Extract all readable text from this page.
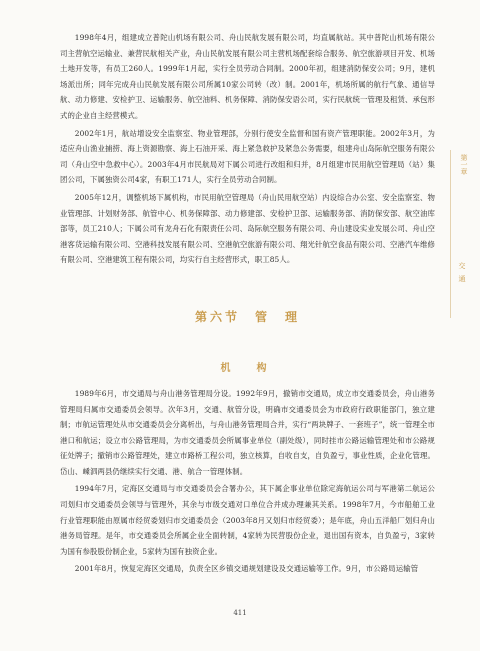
1998年4月，组建成立普陀山机场有限公司、舟山民航发展有限公司，均直属航站。其中普陀山机场有限公司主营航空运输业、兼营民航相关产业，舟山民航发展有限公司主营机场配套综合服务、航空旅游项目开发、机场土地开发等，有员工260人。1999年1月起，实行全员劳动合同制。2000年初，组建消防保安公司；9月，建机场派出所；同年完成舟山民航发展有限公司所属10家公司转（改）制。2001年，机场所属的航行气象、通信导航、动力修建、安检护卫、运输服务、航空油料、机务保障、消防保安语公司，实行民航统一管理及租赁、承包形式的企业自主经营模式。

2002年1月，航站增设安全监察室、物业管理部，分别行使安全监督和国有资产管理职能。2002年3月，为适应舟山渔业捕捞、海上资源勘察、海上石油开采、海上紧急救护及紧急公务需要，组建舟山岛际航空服务有限公司（舟山空中急救中心）。2003年4月市民航局对下属公司进行改组和归并，8月组建市民用航空管理局（站）集团公司，下属独资公司4家，有职工171人，实行全员劳动合同制。

2005年12月，调整机场下属机构，市民用航空管理局（舟山民用航空站）内设综合办公室、安全监察室、物业管理部、计划财务部、航管中心、机务保障部、动力修建部、安检护卫部、运输服务部、消防保安部、航空油库部等，员工210人；下属公司有龙舟石化有限责任公司、岛际航空服务有限公司、舟山建设实业发展公司、舟山空港客货运输有限公司、空港科技发展有限公司、空港航空旅游有限公司、翔光针航空食品有限公司、空港汽车维修有限公司、空港建筑工程有限公司，均实行自主经营形式，职工85人。

第六节　管　理
机　构

1989年6月，市交通局与舟山港务管理局分设。1992年9月，撤销市交通局，成立市交通委员会，舟山港务管理局归属市交通委员会领导。次年3月，交通、航管分设，明确市交通委员会为市政府行政职能部门，独立建制；市航运管理处从市交通委员会分离析出，与舟山港务管理局合并，实行“两块牌子、一套班子”，统一管理全市港口和航运；设立市公路管理局，为市交通委员会所属事业单位（副处级），同时挂市公路运输管理处和市公路规征处牌子；撤销市公路管理处，建立市路桥工程公司，独立核算，自收自支，自负盈亏，事业性质，企业化管理。岱山、嵊泗两县仍继续实行交通、港、航合一管理体制。

1994年7月，定海区交通局与市交通委员会合署办公，其下属企事业单位除定海航运公司与军港第二航运公司划归市交通委员会领导与管理外，其余与市级交通对口单位合并成办理兼其关系。1998年7月，今市船舶工业行业管理职能由原属市经贸委划归市交通委员会（2003年8月又划归市经贸委）；是年底，舟山五洋船厂划归舟山港务局管理。是年，市交通委员会所属企业全面转制，4家转为民营股份企业，退出国有资本，自负盈亏，3家转为国有参股股份制企业，5家转为国有独资企业。

2001年8月，恢复定海区交通局，负责全区乡镇交通规划建设及交通运输等工作。9月，市公路局运输管

第一章
交通
411
